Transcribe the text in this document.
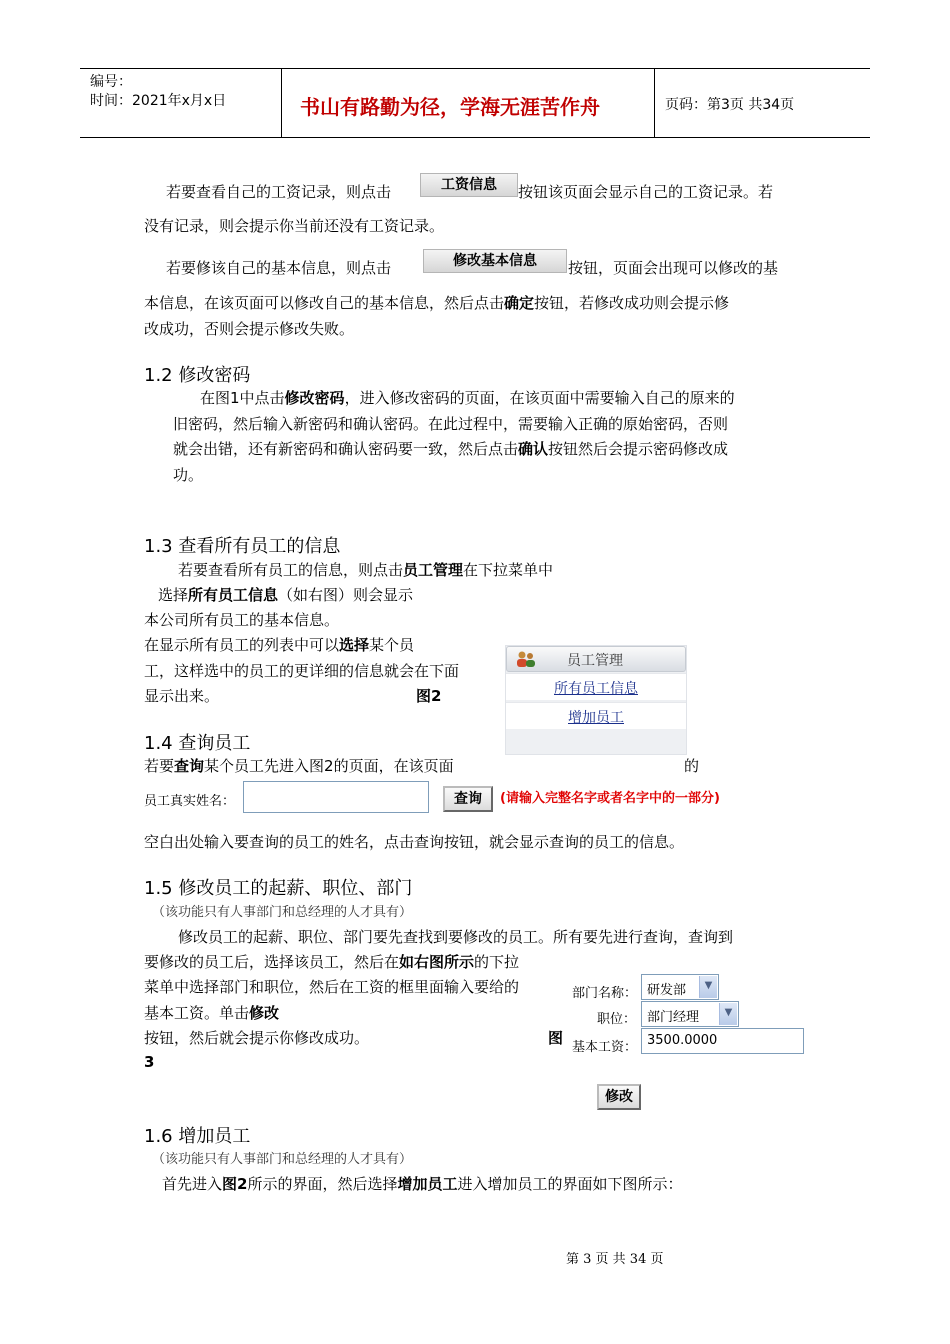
编号：
时间：2021年x月x日	书山有路勤为径，学海无涯苦作舟	页码：第3页 共34页
若要查看自己的工资记录，则点击	工资信息	按钮该页面会显示自己的工资记录。若
没有记录，则会提示你当前还没有工资记录。
若要修该自己的基本信息，则点击	修改基本信息	按钮，页面会出现可以修改的基
本信息，在该页面可以修改自己的基本信息，然后点击确定按钮，若修改成功则会提示修
改成功，否则会提示修改失败。
1.2 修改密码
在图1中点击修改密码，进入修改密码的页面，在该页面中需要输入自己的原来的
旧密码，然后输入新密码和确认密码。在此过程中，需要输入正确的原始密码，否则
就会出错，还有新密码和确认密码要一致，然后点击确认按钮然后会提示密码修改成
功。
1.3 查看所有员工的信息
若要查看所有员工的信息，则点击员工管理在下拉菜单中
选择所有员工信息（如右图）则会显示
本公司所有员工的基本信息。
在显示所有员工的列表中可以选择某个员
工，这样选中的员工的更详细的信息就会在下面
显示出来。	图2
员工管理
所有员工信息
增加员工
1.4 查询员工
若要查询某个员工先进入图2的页面，在该页面	的
员工真实姓名：	查询	(请输入完整名字或者名字中的一部分)
空白出处输入要查询的员工的姓名，点击查询按钮，就会显示查询的员工的信息。
1.5 修改员工的起薪、职位、部门
（该功能只有人事部门和总经理的人才具有）
修改员工的起薪、职位、部门要先查找到要修改的员工。所有要先进行查询，查询到
要修改的员工后，选择该员工，然后在如右图所示的下拉
菜单中选择部门和职位，然后在工资的框里面输入要给的
基本工资。单击修改
按钮，然后就会提示你修改成功。	图
3
部门名称： 研发部	▼
职位： 部门经理	▼
基本工资： 3500.0000
修改
1.6 增加员工
（该功能只有人事部门和总经理的人才具有）
首先进入图2所示的界面，然后选择增加员工进入增加员工的界面如下图所示：
第 3 页 共 34 页
